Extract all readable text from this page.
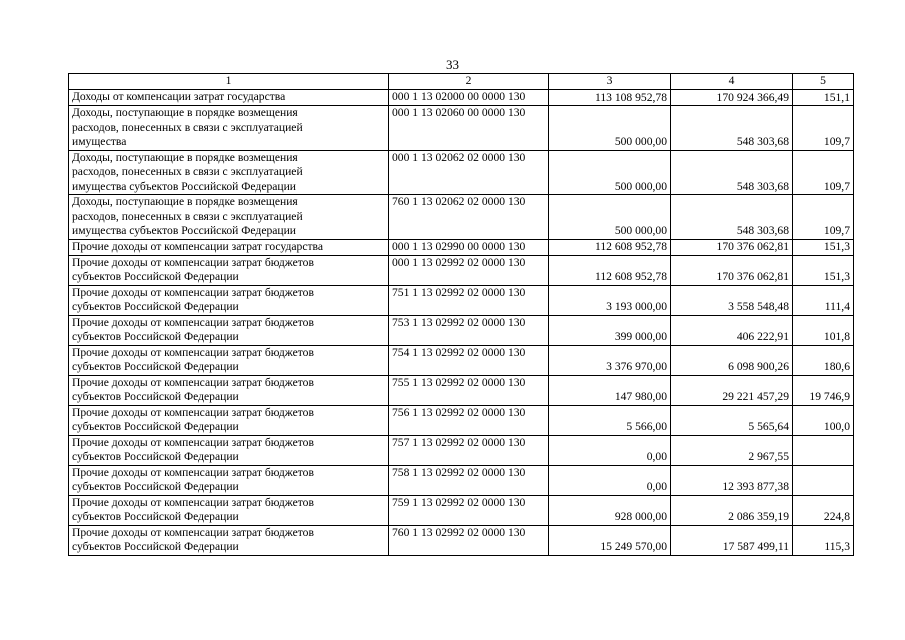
33
1	2	3	4	5
Доходы от компенсации затрат государства	000 1 13 02000 00 0000 130	113 108 952,78	170 924 366,49	151,1
Доходы, поступающие в порядке возмещения
расходов, понесенных в связи с эксплуатацией
имущества	000 1 13 02060 00 0000 130	500 000,00	548 303,68	109,7
Доходы, поступающие в порядке возмещения
расходов, понесенных в связи с эксплуатацией
имущества субъектов Российской Федерации	000 1 13 02062 02 0000 130	500 000,00	548 303,68	109,7
Доходы, поступающие в порядке возмещения
расходов, понесенных в связи с эксплуатацией
имущества субъектов Российской Федерации	760 1 13 02062 02 0000 130	500 000,00	548 303,68	109,7
Прочие доходы от компенсации затрат государства	000 1 13 02990 00 0000 130	112 608 952,78	170 376 062,81	151,3
Прочие доходы от компенсации затрат бюджетов
субъектов Российской Федерации	000 1 13 02992 02 0000 130	112 608 952,78	170 376 062,81	151,3
Прочие доходы от компенсации затрат бюджетов
субъектов Российской Федерации	751 1 13 02992 02 0000 130	3 193 000,00	3 558 548,48	111,4
Прочие доходы от компенсации затрат бюджетов
субъектов Российской Федерации	753 1 13 02992 02 0000 130	399 000,00	406 222,91	101,8
Прочие доходы от компенсации затрат бюджетов
субъектов Российской Федерации	754 1 13 02992 02 0000 130	3 376 970,00	6 098 900,26	180,6
Прочие доходы от компенсации затрат бюджетов
субъектов Российской Федерации	755 1 13 02992 02 0000 130	147 980,00	29 221 457,29	19 746,9
Прочие доходы от компенсации затрат бюджетов
субъектов Российской Федерации	756 1 13 02992 02 0000 130	5 566,00	5 565,64	100,0
Прочие доходы от компенсации затрат бюджетов
субъектов Российской Федерации	757 1 13 02992 02 0000 130	0,00	2 967,55	
Прочие доходы от компенсации затрат бюджетов
субъектов Российской Федерации	758 1 13 02992 02 0000 130	0,00	12 393 877,38	
Прочие доходы от компенсации затрат бюджетов
субъектов Российской Федерации	759 1 13 02992 02 0000 130	928 000,00	2 086 359,19	224,8
Прочие доходы от компенсации затрат бюджетов
субъектов Российской Федерации	760 1 13 02992 02 0000 130	15 249 570,00	17 587 499,11	115,3
